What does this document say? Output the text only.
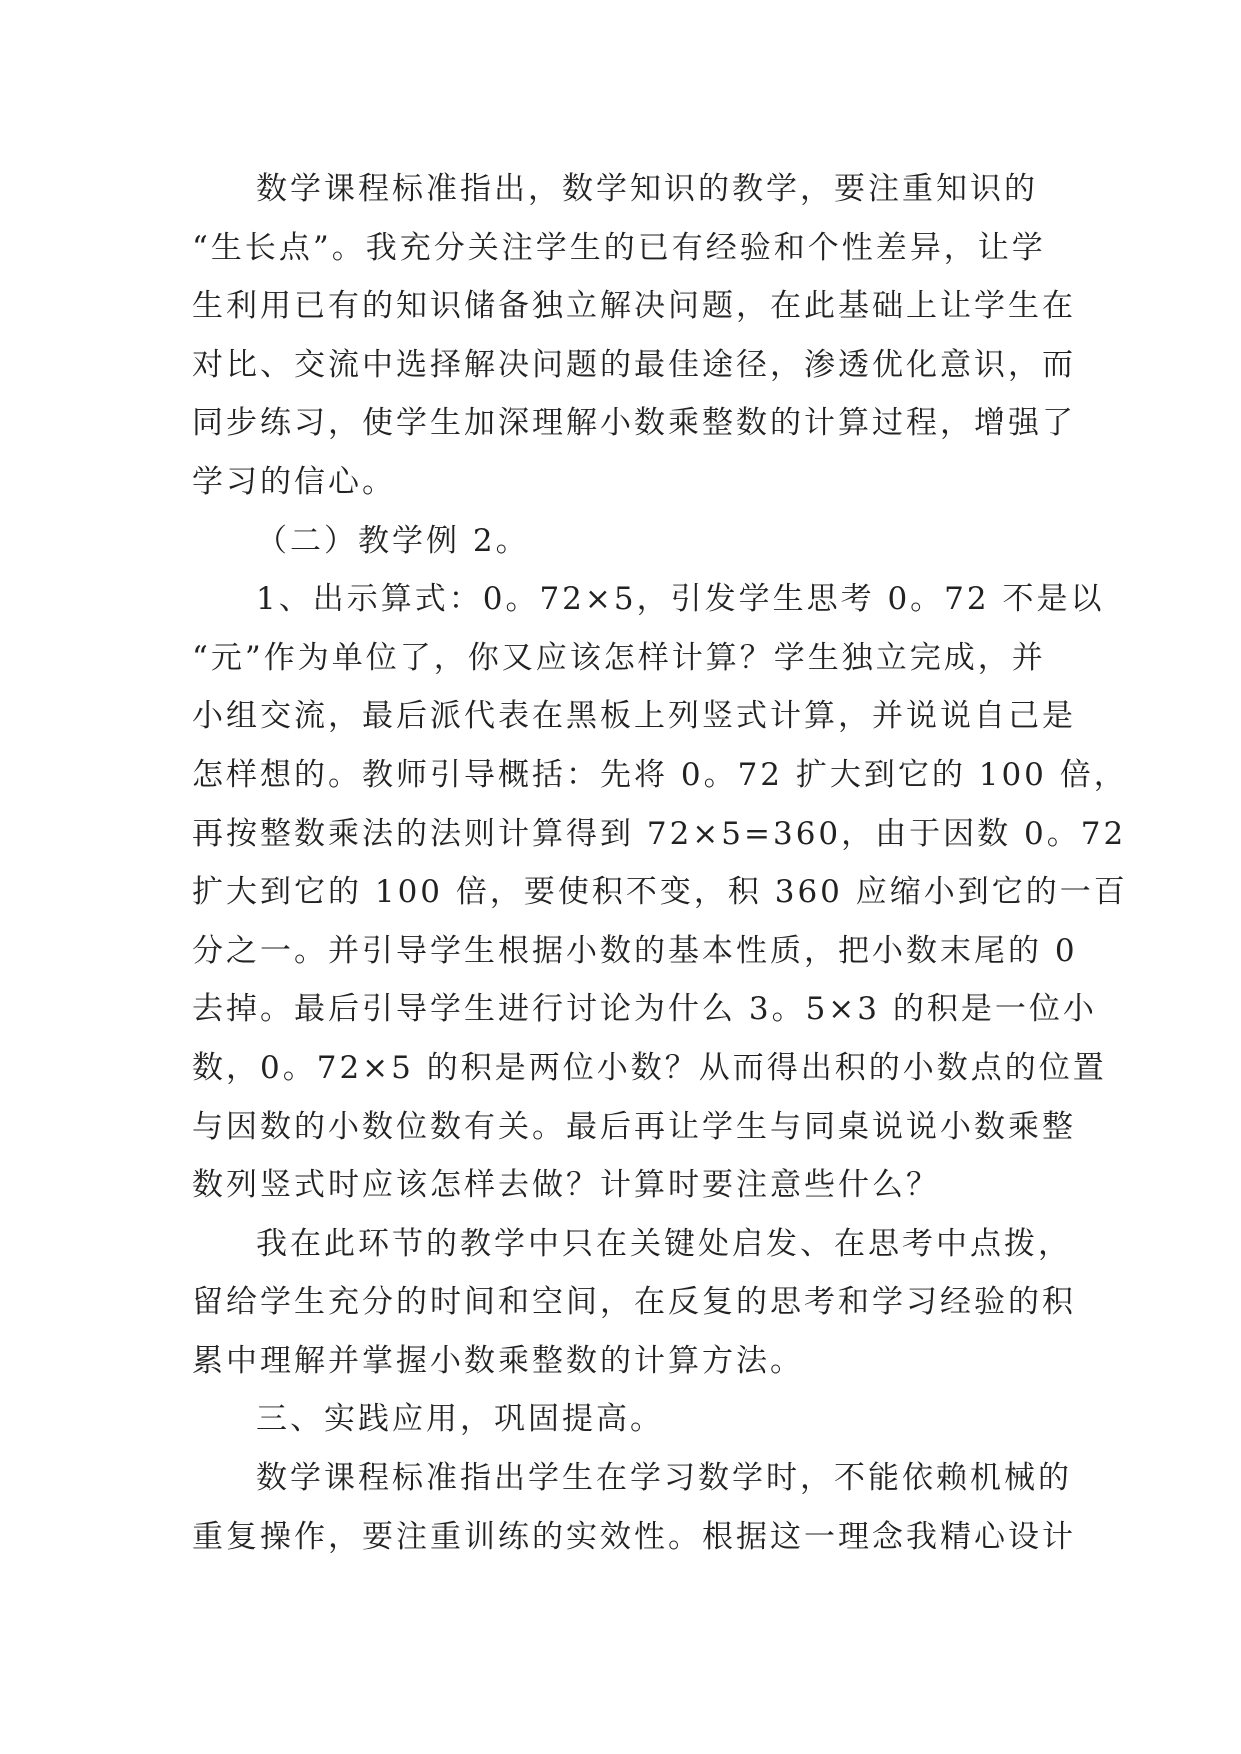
数学课程标准指出，数学知识的教学，要注重知识的
“生长点”。我充分关注学生的已有经验和个性差异，让学
生利用已有的知识储备独立解决问题，在此基础上让学生在
对比、交流中选择解决问题的最佳途径，渗透优化意识，而
同步练习，使学生加深理解小数乘整数的计算过程，增强了
学习的信心。
（二）教学例 2。
1、出示算式：0。72×5，引发学生思考 0。72 不是以
“元”作为单位了，你又应该怎样计算？学生独立完成，并
小组交流，最后派代表在黑板上列竖式计算，并说说自己是
怎样想的。教师引导概括：先将 0。72 扩大到它的 100 倍，
再按整数乘法的法则计算得到 72×5=360，由于因数 0。72
扩大到它的 100 倍，要使积不变，积 360 应缩小到它的一百
分之一。并引导学生根据小数的基本性质，把小数末尾的 0
去掉。最后引导学生进行讨论为什么 3。5×3 的积是一位小
数，0。72×5 的积是两位小数？从而得出积的小数点的位置
与因数的小数位数有关。最后再让学生与同桌说说小数乘整
数列竖式时应该怎样去做？计算时要注意些什么？
我在此环节的教学中只在关键处启发、在思考中点拨，
留给学生充分的时间和空间，在反复的思考和学习经验的积
累中理解并掌握小数乘整数的计算方法。
三、实践应用，巩固提高。
数学课程标准指出学生在学习数学时，不能依赖机械的
重复操作，要注重训练的实效性。根据这一理念我精心设计
